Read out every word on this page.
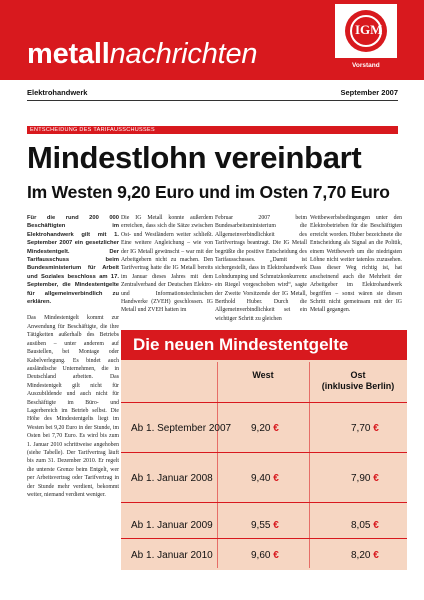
metallnachrichten
IGM
Vorstand
Elektrohandwerk	September 2007
ENTSCHEIDUNG DES TARIFAUSSCHUSSES
Mindestlohn vereinbart
Im Westen 9,20 Euro und im Osten 7,70 Euro

Für die rund 200 000 Beschäftigten im Elektrohandwerk gilt mit 1. September 2007 ein gesetzlicher Mindestentgelt. Der Tarifausschuss beim Bundesministerium für Arbeit und Soziales beschloss am 17. September, die Mindestentgelte für allgemeinverbindlich zu erklären.

Das Mindestentgelt kommt zur Anwendung für Beschäftigte, die ihre Tätigkeiten außerhalb des Betriebs ausüben – unter anderem auf Baustellen, bei Montage oder Kabelverlegung. Es bindet auch ausländische Unternehmen, die in Deutschland arbeiten. Das Mindestentgelt gilt nicht für Auszubildende und auch nicht für Beschäftigte im Büro- und Lagerbereich im Betrieb selbst. Die Höhe des Mindestentgelts liegt im Westen bei 9,20 Euro in der Stunde, im Osten bei 7,70 Euro. Es wird bis zum 1. Januar 2010 schrittweise angehoben (siehe Tabelle). Der Tarifvertrag läuft bis zum 31. Dezember 2010. Er regelt die unterste Grenze beim Entgelt, wer per Arbeitsvertrag oder Tarifvertrag in der Stunde mehr verdient, bekommt weiter, niemand verdient weniger.

Die IG Metall konnte außerdem erreichen, dass sich die Sätze zwischen Ost- und Westländern weiter schließt. Eine weitere Angleichung – wie von der IG Metall gewünscht – war mit der Arbeitgebern nicht zu machen. Den Tarifvertrag hatte die IG Metall bereits im Januar dieses Jahres mit dem Zentralverband der Deutschen Elektro- und Informationstechnischen Handwerke (ZVEH) geschlossen. IG Metall und ZVEH hatten im

Februar 2007 beim Bundesarbeitsministerium die Allgemeinverbindlichkeit des Tarifvertrags beantragt. Die IG Metall begrüßte die positive Entscheidung des Tarifausschusses. „Damit ist sichergestellt, dass in Elektrohandwerk Lohndumping und Schmutzkonkurrenz ein Riegel vorgeschoben wird“, sagte der Zweite Vorsitzende der IG Metall, Berthold Huber. Durch die Allgemeinverbindlichkeit sei ein wichtiger Schritt zu gleichen

Wettbewerbsbedingungen unter den Elektrobetrieben für die Beschäftigten erreicht worden. Huber bezeichnete die Entscheidung als Signal an die Politik, einem Wettbewerb um die niedrigsten Löhne nicht weiter tatenlos zuzusehen. Dass dieser Weg richtig ist, hat anscheinend auch die Mehrheit der Arbeitgeber im Elektrohandwerk begriffen – sonst wären sie diesen Schritt nicht gemeinsam mit der IG Metall gegangen.

Die neuen Mindestentgelte
West	Ost
(inklusive Berlin)
Ab 1. September 2007 9,20 €	7,70 €
Ab 1. Januar 2008	9,40 €	7,90 €
Ab 1. Januar 2009	9,55 €	8,05 €
Ab 1. Januar 2010	9,60 €	8,20 €
